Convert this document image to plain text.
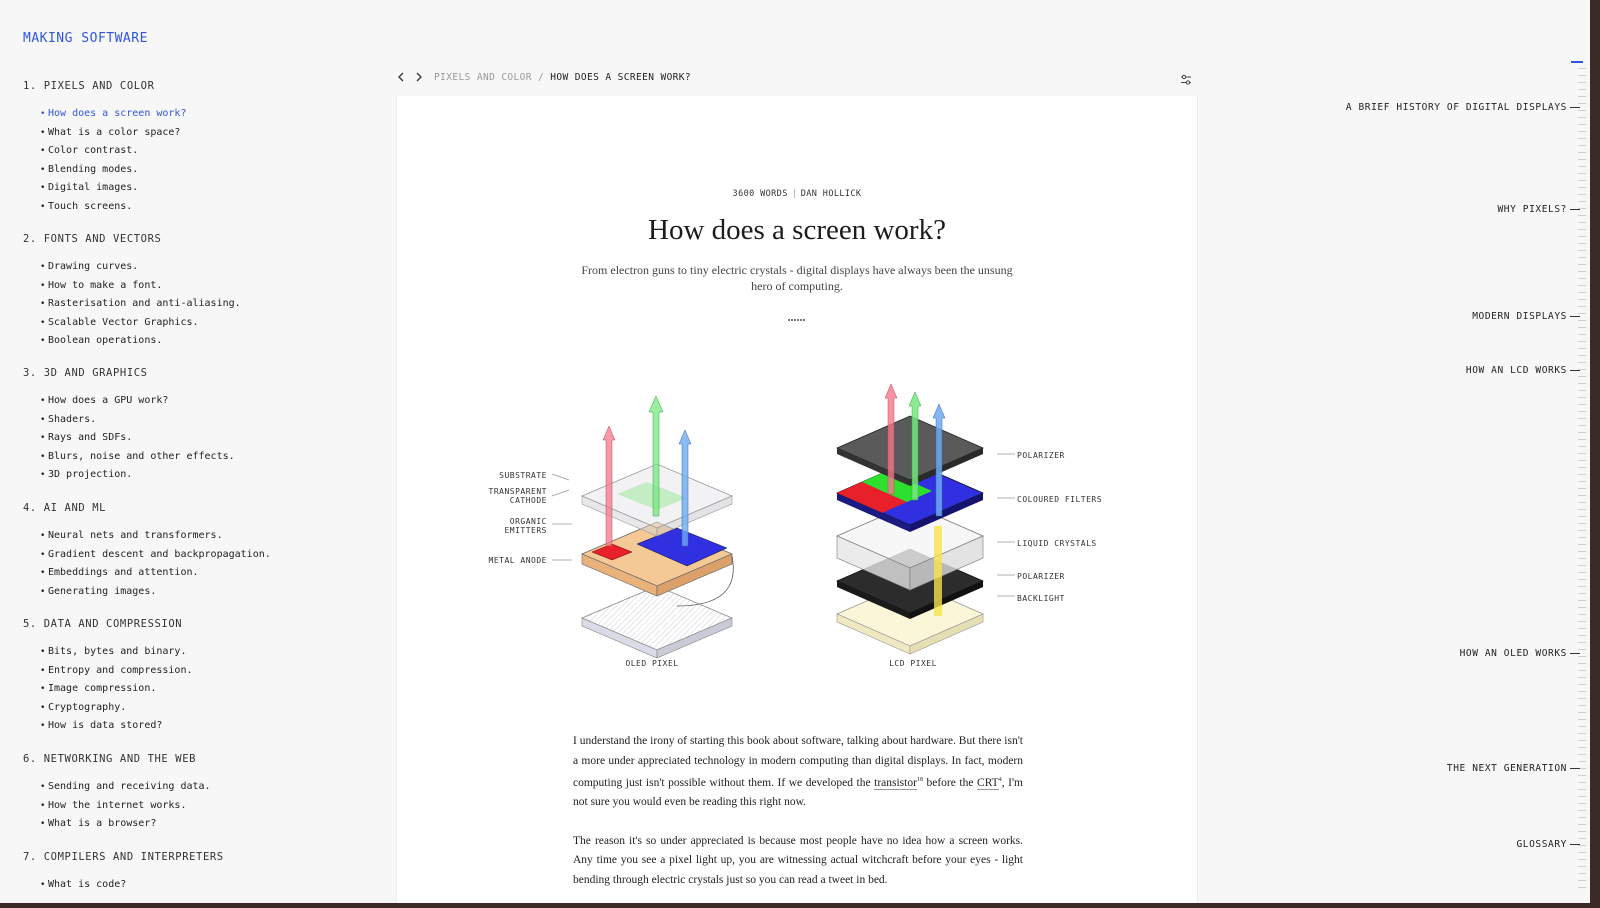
MAKING SOFTWARE
1. PIXELS AND COLOR
• How does a screen work?
• What is a color space?
• Color contrast.
• Blending modes.
• Digital images.
• Touch screens.
2. FONTS AND VECTORS
• Drawing curves.
• How to make a font.
• Rasterisation and anti-aliasing.
• Scalable Vector Graphics.
• Boolean operations.
3. 3D AND GRAPHICS
• How does a GPU work?
• Shaders.
• Rays and SDFs.
• Blurs, noise and other effects.
• 3D projection.
4. AI AND ML
• Neural nets and transformers.
• Gradient descent and backpropagation.
• Embeddings and attention.
• Generating images.
5. DATA AND COMPRESSION
• Bits, bytes and binary.
• Entropy and compression.
• Image compression.
• Cryptography.
• How is data stored?
6. NETWORKING AND THE WEB
• Sending and receiving data.
• How the internet works.
• What is a browser?
7. COMPILERS AND INTERPRETERS
• What is code?
PIXELS AND COLOR / HOW DOES A SCREEN WORK?
3600 WORDS DAN HOLLICK
How does a screen work?
From electron guns to tiny electric crystals - digital displays have always been the unsung hero of computing.
SUBSTRATE
TRANSPARENT CATHODE
ORGANIC EMITTERS
METAL ANODE
POLARIZER
COLOURED FILTERS
LIQUID CRYSTALS
POLARIZER
BACKLIGHT
OLED PIXEL	LCD PIXEL

I understand the irony of starting this book about software, talking about hardware. But there isn't a more under appreciated technology in modern computing than digital displays. In fact, modern computing just isn't possible without them. If we developed the transistor$^{18}$ before the CRT$^4$, I'm not sure you would even be reading this right now.

The reason it's so under appreciated is because most people have no idea how a screen works. Any time you see a pixel light up, you are witnessing actual witchcraft before your eyes - light bending through electric crystals just so you can read a tweet in bed.

A BRIEF HISTORY OF DIGITAL DISPLAYS
WHY PIXELS?
MODERN DISPLAYS
HOW AN LCD WORKS
HOW AN OLED WORKS
THE NEXT GENERATION
GLOSSARY
